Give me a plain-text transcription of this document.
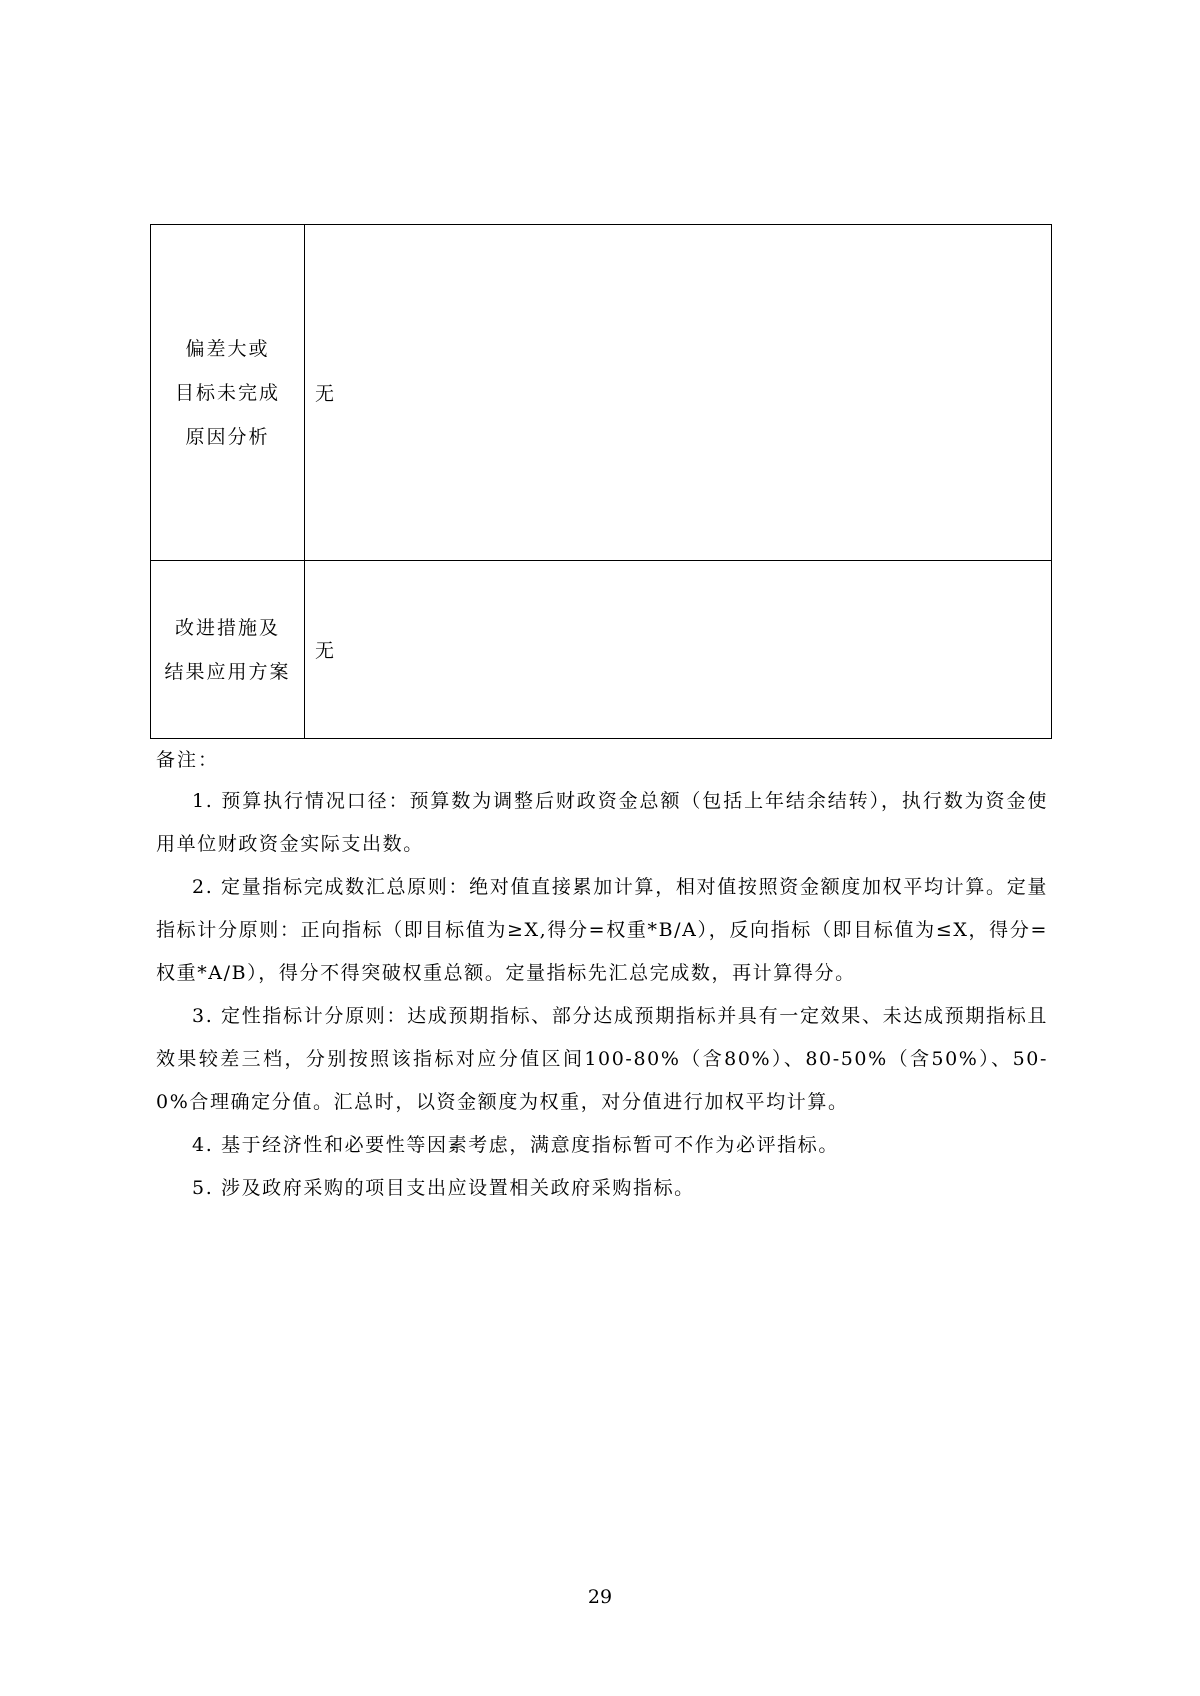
偏差大或
目标未完成
原因分析	无

改进措施及
结果应用方案	无
备注：

1. 预算执行情况口径：预算数为调整后财政资金总额（包括上年结余结转），执行数为资金使用单位财政资金实际支出数。

2. 定量指标完成数汇总原则：绝对值直接累加计算，相对值按照资金额度加权平均计算。定量指标计分原则：正向指标（即目标值为≥X,得分=权重*B/A），反向指标（即目标值为≤X，得分=权重*A/B），得分不得突破权重总额。定量指标先汇总完成数，再计算得分。

3. 定性指标计分原则：达成预期指标、部分达成预期指标并具有一定效果、未达成预期指标且效果较差三档，分别按照该指标对应分值区间100-80%（含80%）、80-50%（含50%）、50-0%合理确定分值。汇总时，以资金额度为权重，对分值进行加权平均计算。

4. 基于经济性和必要性等因素考虑，满意度指标暂可不作为必评指标。

5. 涉及政府采购的项目支出应设置相关政府采购指标。

29
